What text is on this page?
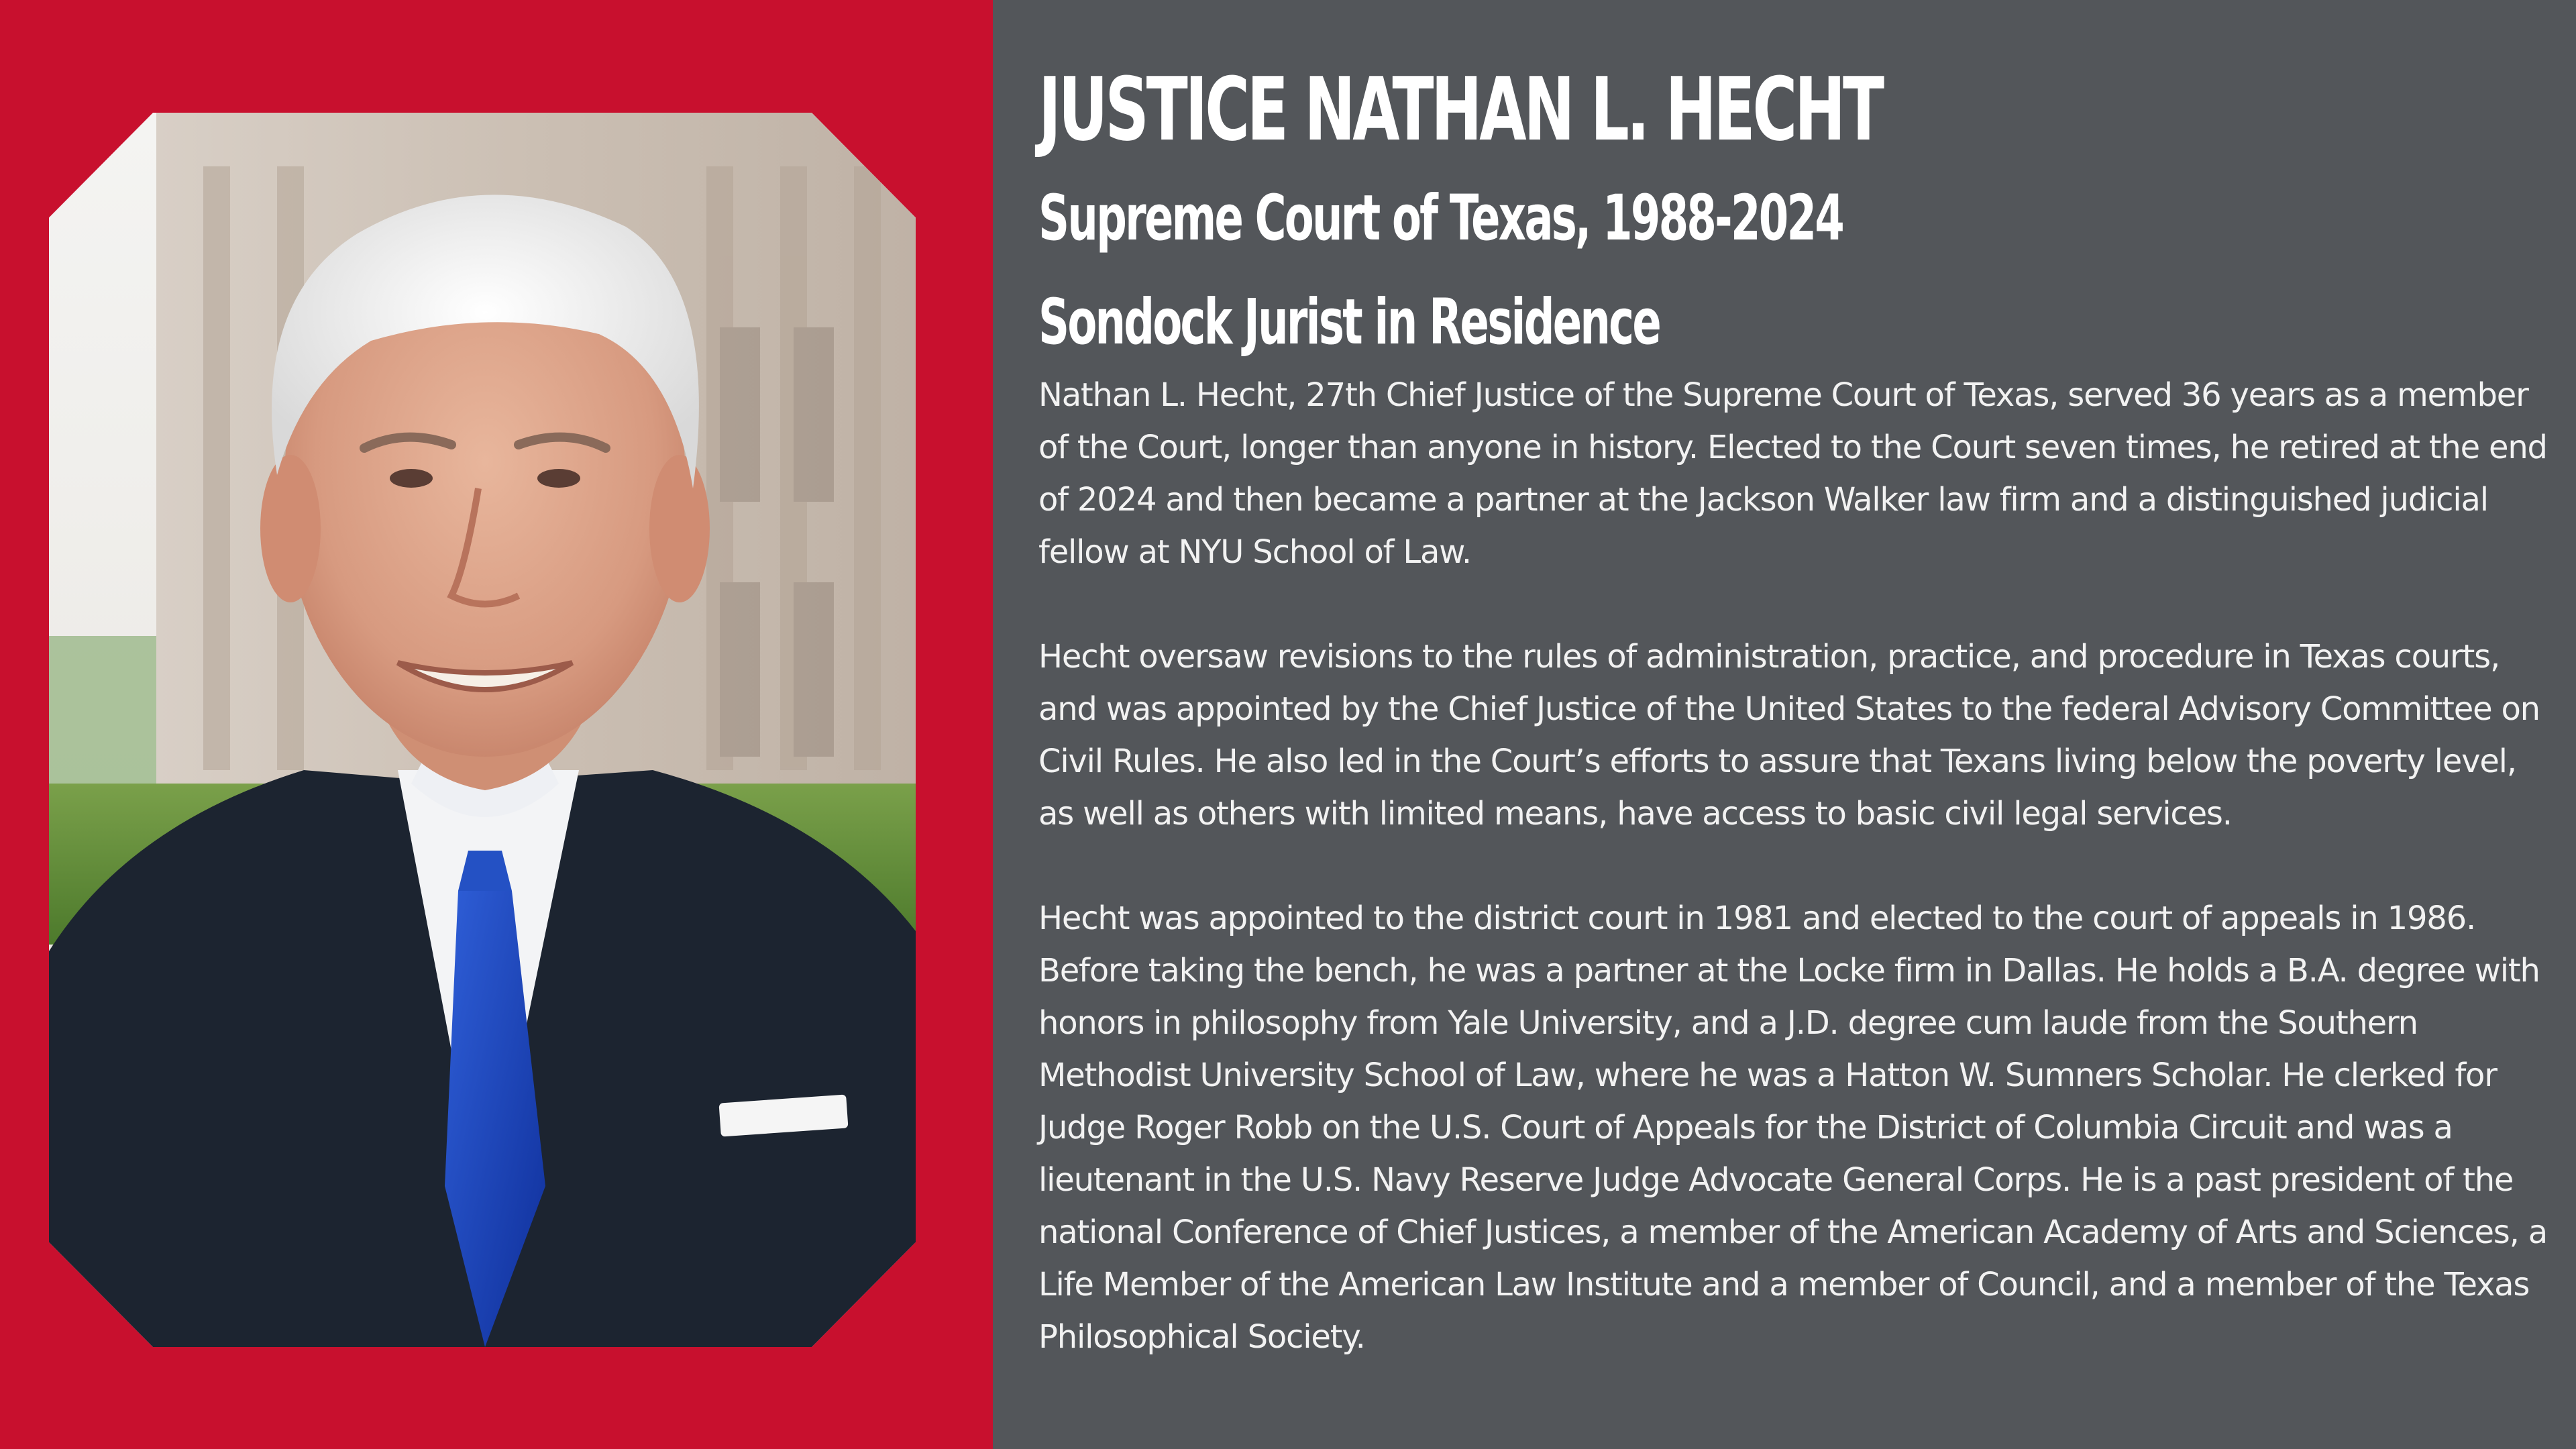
JUSTICE NATHAN L. HECHT
Supreme Court of Texas, 1988-2024
Sondock Jurist in Residence

Nathan L. Hecht, 27th Chief Justice of the Supreme Court of Texas, served 36 years as a member of the Court, longer than anyone in history. Elected to the Court seven times, he retired at the end of 2024 and then became a partner at the Jackson Walker law firm and a distinguished judicial fellow at NYU School of Law.

Hecht oversaw revisions to the rules of administration, practice, and procedure in Texas courts, and was appointed by the Chief Justice of the United States to the federal Advisory Committee on Civil Rules. He also led in the Court’s efforts to assure that Texans living below the poverty level, as well as others with limited means, have access to basic civil legal services.

Hecht was appointed to the district court in 1981 and elected to the court of appeals in 1986. Before taking the bench, he was a partner at the Locke firm in Dallas. He holds a B.A. degree with honors in philosophy from Yale University, and a J.D. degree cum laude from the Southern Methodist University School of Law, where he was a Hatton W. Sumners Scholar. He clerked for Judge Roger Robb on the U.S. Court of Appeals for the District of Columbia Circuit and was a lieutenant in the U.S. Navy Reserve Judge Advocate General Corps. He is a past president of the national Conference of Chief Justices, a member of the American Academy of Arts and Sciences, a Life Member of the American Law Institute and a member of Council, and a member of the Texas Philosophical Society.
